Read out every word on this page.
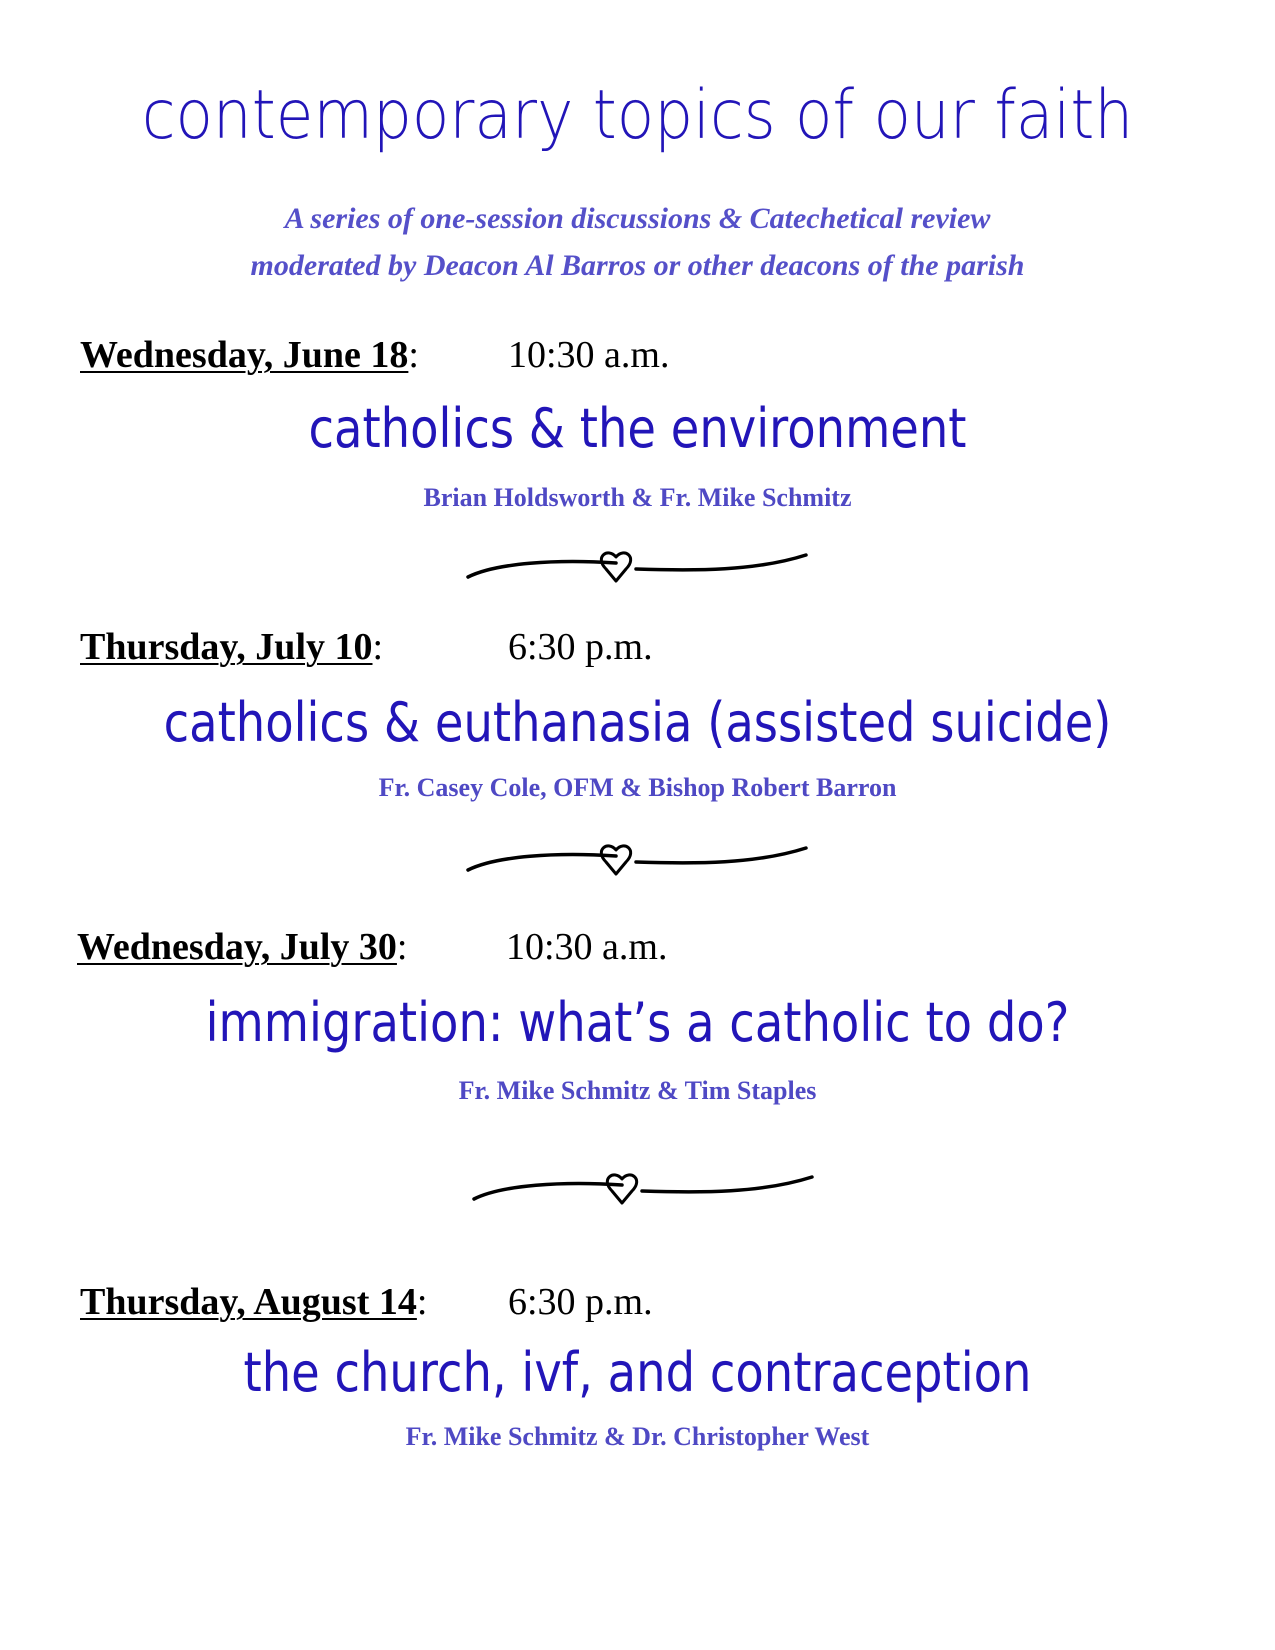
contemporary topics of our faith
A series of one-session discussions & Catechetical review
moderated by Deacon Al Barros or other deacons of the parish
Wednesday, June 18: 10:30 a.m.
catholics & the environment
Brian Holdsworth & Fr. Mike Schmitz
Thursday, July 10:	6:30 p.m.
catholics & euthanasia (assisted suicide)
Fr. Casey Cole, OFM & Bishop Robert Barron
Wednesday, July 30:	10:30 a.m.
immigration: what’s a catholic to do?
Fr. Mike Schmitz & Tim Staples
Thursday, August 14: 6:30 p.m.
the church, ivf, and contraception
Fr. Mike Schmitz & Dr. Christopher West
